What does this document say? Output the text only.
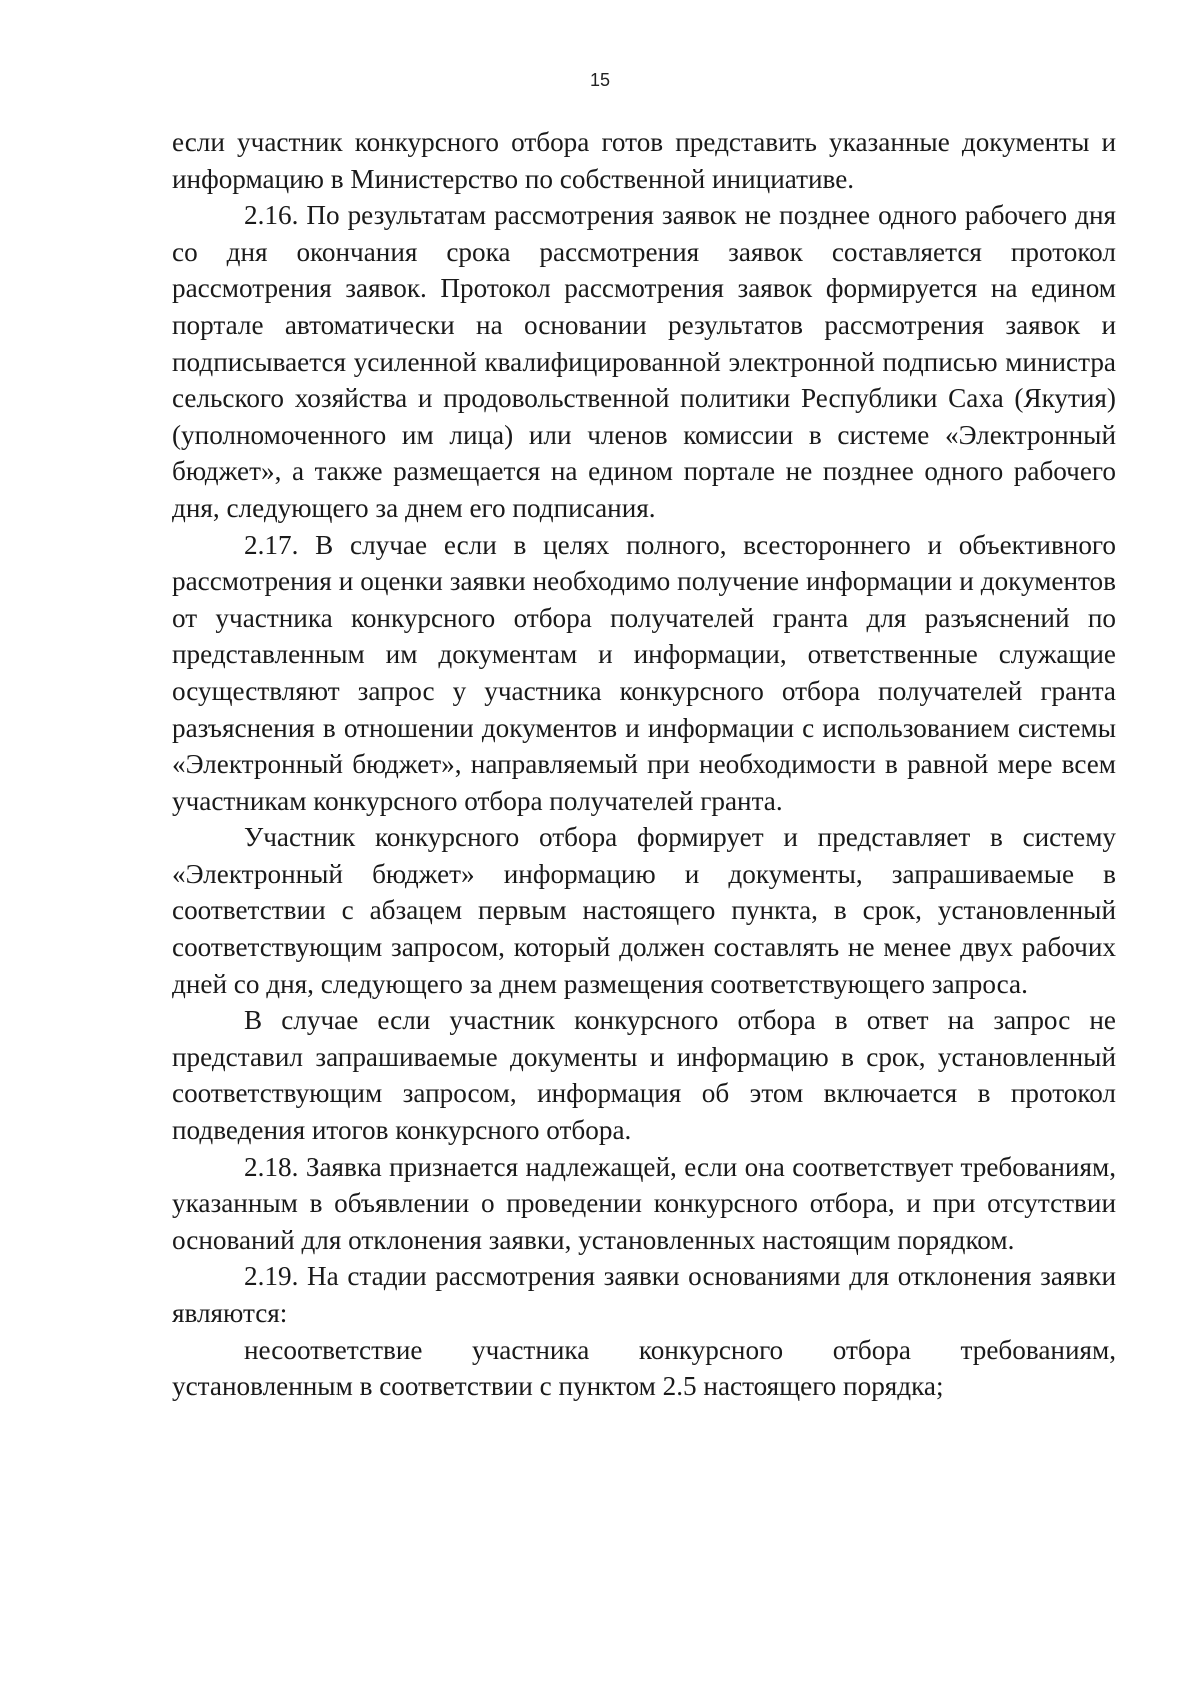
15

если участник конкурсного отбора готов представить указанные документы и информацию в Министерство по собственной инициативе.

2.16. По результатам рассмотрения заявок не позднее одного рабочего дня со дня окончания срока рассмотрения заявок составляется протокол рассмотрения заявок. Протокол рассмотрения заявок формируется на едином портале автоматически на основании результатов рассмотрения заявок и подписывается усиленной квалифицированной электронной подписью министра сельского хозяйства и продовольственной политики Республики Саха (Якутия) (уполномоченного им лица) или членов комиссии в системе «Электронный бюджет», а также размещается на едином портале не позднее одного рабочего дня, следующего за днем его подписания.

2.17. В случае если в целях полного, всестороннего и объективного рассмотрения и оценки заявки необходимо получение информации и документов от участника конкурсного отбора получателей гранта для разъяснений по представленным им документам и информации, ответственные служащие осуществляют запрос у участника конкурсного отбора получателей гранта разъяснения в отношении документов и информации с использованием системы «Электронный бюджет», направляемый при необходимости в равной мере всем участникам конкурсного отбора получателей гранта.

Участник конкурсного отбора формирует и представляет в систему «Электронный бюджет» информацию и документы, запрашиваемые в соответствии с абзацем первым настоящего пункта, в срок, установленный соответствующим запросом, который должен составлять не менее двух рабочих дней со дня, следующего за днем размещения соответствующего запроса.

В случае если участник конкурсного отбора в ответ на запрос не представил запрашиваемые документы и информацию в срок, установленный соответствующим запросом, информация об этом включается в протокол подведения итогов конкурсного отбора.

2.18. Заявка признается надлежащей, если она соответствует требованиям, указанным в объявлении о проведении конкурсного отбора, и при отсутствии оснований для отклонения заявки, установленных настоящим порядком.

2.19. На стадии рассмотрения заявки основаниями для отклонения заявки являются:

несоответствие участника конкурсного отбора требованиям, установленным в соответствии с пунктом 2.5 настоящего порядка;
